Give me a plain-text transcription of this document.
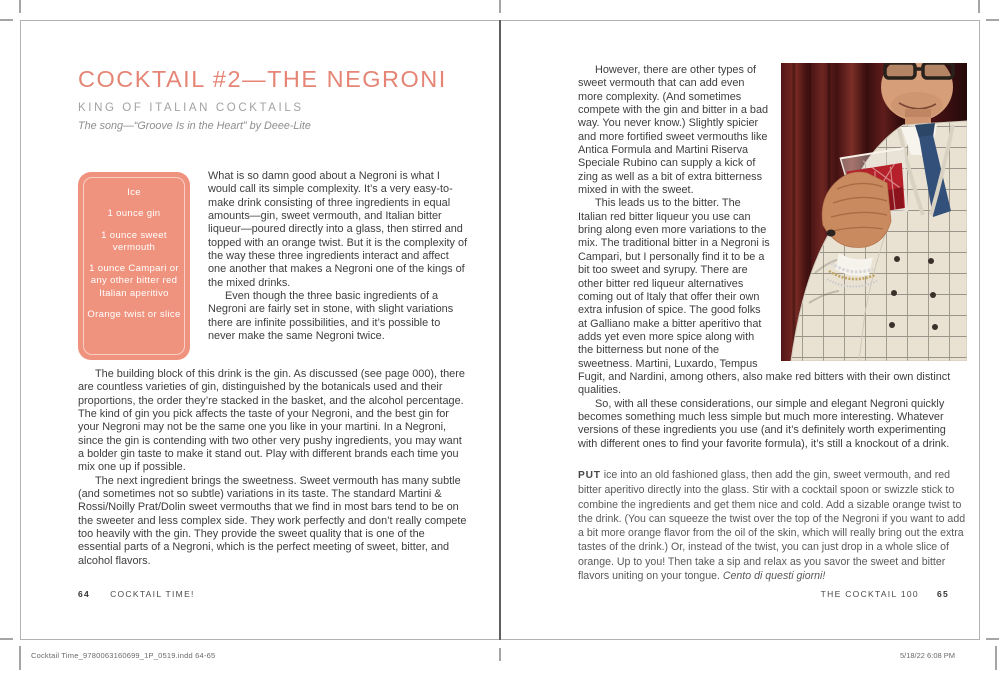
COCKTAIL #2—THE NEGRONI
KING OF ITALIAN COCKTAILS
The song—“Groove Is in the Heart” by Deee-Lite
Ice
1 ounce gin
1 ounce sweet vermouth
1 ounce Campari or any other bitter red Italian aperitivo
Orange twist or slice

What is so damn good about a Negroni is what I would call its simple complexity. It’s a very easy-to-make drink consisting of three ingredients in equal amounts—gin, sweet vermouth, and Italian bitter liqueur—poured directly into a glass, then stirred and topped with an orange twist. But it is the complexity of the way these three ingredients interact and affect one another that makes a Negroni one of the kings of the mixed drinks.

Even though the three basic ingredients of a Negroni are fairly set in stone, with slight variations there are infinite possibilities, and it’s possible to never make the same Negroni twice.

The building block of this drink is the gin. As discussed (see page 000), there are countless varieties of gin, distinguished by the botanicals used and their proportions, the order they’re stacked in the basket, and the alcohol percentage. The kind of gin you pick affects the taste of your Negroni, and the best gin for your Negroni may not be the same one you like in your martini. In a Negroni, since the gin is contending with two other very pushy ingredients, you may want a bolder gin taste to make it stand out. Play with different brands each time you mix one up if possible.

The next ingredient brings the sweetness. Sweet vermouth has many subtle (and sometimes not so subtle) variations in its taste. The standard Martini & Rossi/Noilly Prat/Dolin sweet vermouths that we find in most bars tend to be on the sweeter and less complex side. They work perfectly and don’t really compete too heavily with the gin. They provide the sweet quality that is one of the essential parts of a Negroni, which is the perfect meeting of sweet, bitter, and alcohol flavors.

However, there are other types of sweet vermouth that can add even more complexity. (And sometimes compete with the gin and bitter in a bad way. You never know.) Slightly spicier and more fortified sweet vermouths like Antica Formula and Martini Riserva Speciale Rubino can supply a kick of zing as well as a bit of extra bitterness mixed in with the sweet.

This leads us to the bitter. The Italian red bitter liqueur you use can bring along even more variations to the mix. The traditional bitter in a Negroni is Campari, but I personally find it to be a bit too sweet and syrupy. There are other bitter red liqueur alternatives coming out of Italy that offer their own extra infusion of spice. The good folks at Galliano make a bitter aperitivo that adds yet even more spice along with the bitterness but none of the sweetness. Martini, Luxardo, Tempus Fugit, and Nardini, among others, also make red bitters with their own distinct qualities.

So, with all these considerations, our simple and elegant Negroni quickly becomes something much less simple but much more interesting. Whatever versions of these ingredients you use (and it’s definitely worth experimenting with different ones to find your favorite formula), it’s still a knockout of a drink.

PUT ice into an old fashioned glass, then add the gin, sweet vermouth, and red bitter aperitivo directly into the glass. Stir with a cocktail spoon or swizzle stick to combine the ingredients and get them nice and cold. Add a sizable orange twist to the drink. (You can squeeze the twist over the top of the Negroni if you want to add a bit more orange flavor from the oil of the skin, which will really bring out the extra tastes of the drink.) Or, instead of the twist, you can just drop in a whole slice of orange. Up to you! Then take a sip and relax as you savor the sweet and bitter flavors uniting on your tongue. Cento di questi giorni!

64 COCKTAIL TIME!	THE COCKTAIL 100 65
Cocktail Time_9780063160699_1P_0519.indd 64-65	5/18/22 6:08 PM
